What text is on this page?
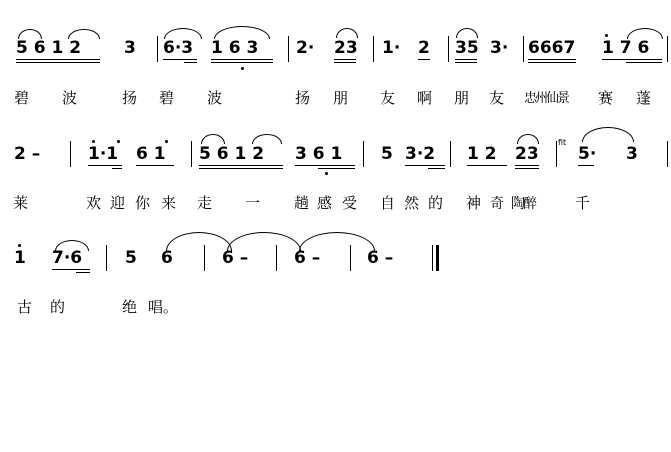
5 6 1 2	3 6·3 1 6 3 2· 23 1· 2 35 3· 6667 1 7 6
碧 波	扬 碧 波	扬 朋 友 啊 朋 友 忠州仙景 赛 蓬
2 –	1·1 6 1 5 6 1 2 3 6 1 5 3·2 1 2 23
fit
5· 3
莱	欢 迎 你 来 走 一 趟 感 受 自 然 的 神 奇 陶醉	千
1 7·6	5 6	6 –	6 –	6 –
古 的	绝 唱。
